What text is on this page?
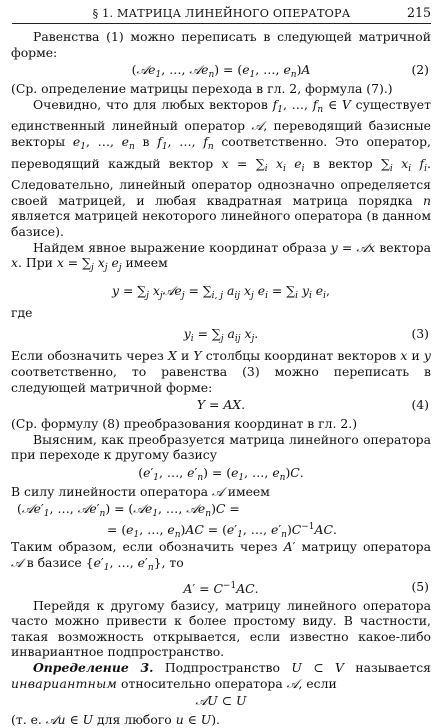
§ 1. МАТРИЦА ЛИНЕЙНОГО ОПЕРАТОРА	215

Равенства (1) можно переписать в следующей матричной форме:

(𝒜e$_1$, …, 𝒜e$_n$) = ($e_1$, …, $e_n)A$	(2)

(Ср. определение матрицы перехода в гл. 2, формула (7).)

Очевидно, что для любых векторов $f_1$, …, $f_n$ ∈ V существует единственный линейный оператор 𝒜, переводящий базисные векторы $e_1$, …, $e_n$ в $f_1$, …, $f_n$ соответственно. Это оператор, переводящий каждый вектор $x = \sum_i$ $x_i$ $e_i$ в вектор $\sum_i$ $x_i$ $f_i$. Следовательно, линейный оператор однозначно определяется своей матрицей, и любая квадратная матрица порядка n является матрицей некоторого линейного оператора (в данном базисе).

Найдем явное выражение координат образа y = 𝒜x вектора x. При $x = \sum_j$ $x_j$ $e_j$ имеем

$y = \sum_j$ $x_j𝒜e_j = \sum_{i, j}$ $a_{ij}$ $x_j$ $e_i = \sum_i$ $y_i$ $e_i$,

где

$y_i = \sum_j$ $a_{ij}$ $x_j$.	(3)

Если обозначить через X и Y столбцы координат векторов x и y соответственно, то равенства (3) можно переписать в следующей матричной форме:

Y = AX.	(4)

(Ср. формулу (8) преобразования координат в гл. 2.)

Выясним, как преобразуется матрица линейного оператора при переходе к другому базису

($e'_1$, …, $e'_n) = (e_1$, …, $e_n)C$.

В силу линейности оператора 𝒜 имеем

($𝒜e'_1$, …, $𝒜e'_n$) = (𝒜e$_1$, …, 𝒜e$_n$)C =
= ($e_1$, …, $e_n)AC = (e'_1$, …, $e'_n)C^{-1}AC$.

Таким образом, если обозначить через A′ матрицу оператора 𝒜 в базисе {$e'_1$, …, $e'_n$}, то

$A' = C^{-1}AC$.	(5)

Перейдя к другому базису, матрицу линейного оператора часто можно привести к более простому виду. В частности, такая возможность открывается, если известно какое-либо инвариантное подпространство.

Определение 3. Подпространство U ⊂ V называется инвариантным относительно оператора 𝒜, если

𝒜U ⊂ U

(т. е. 𝒜u ∈ U для любого u ∈ U).
